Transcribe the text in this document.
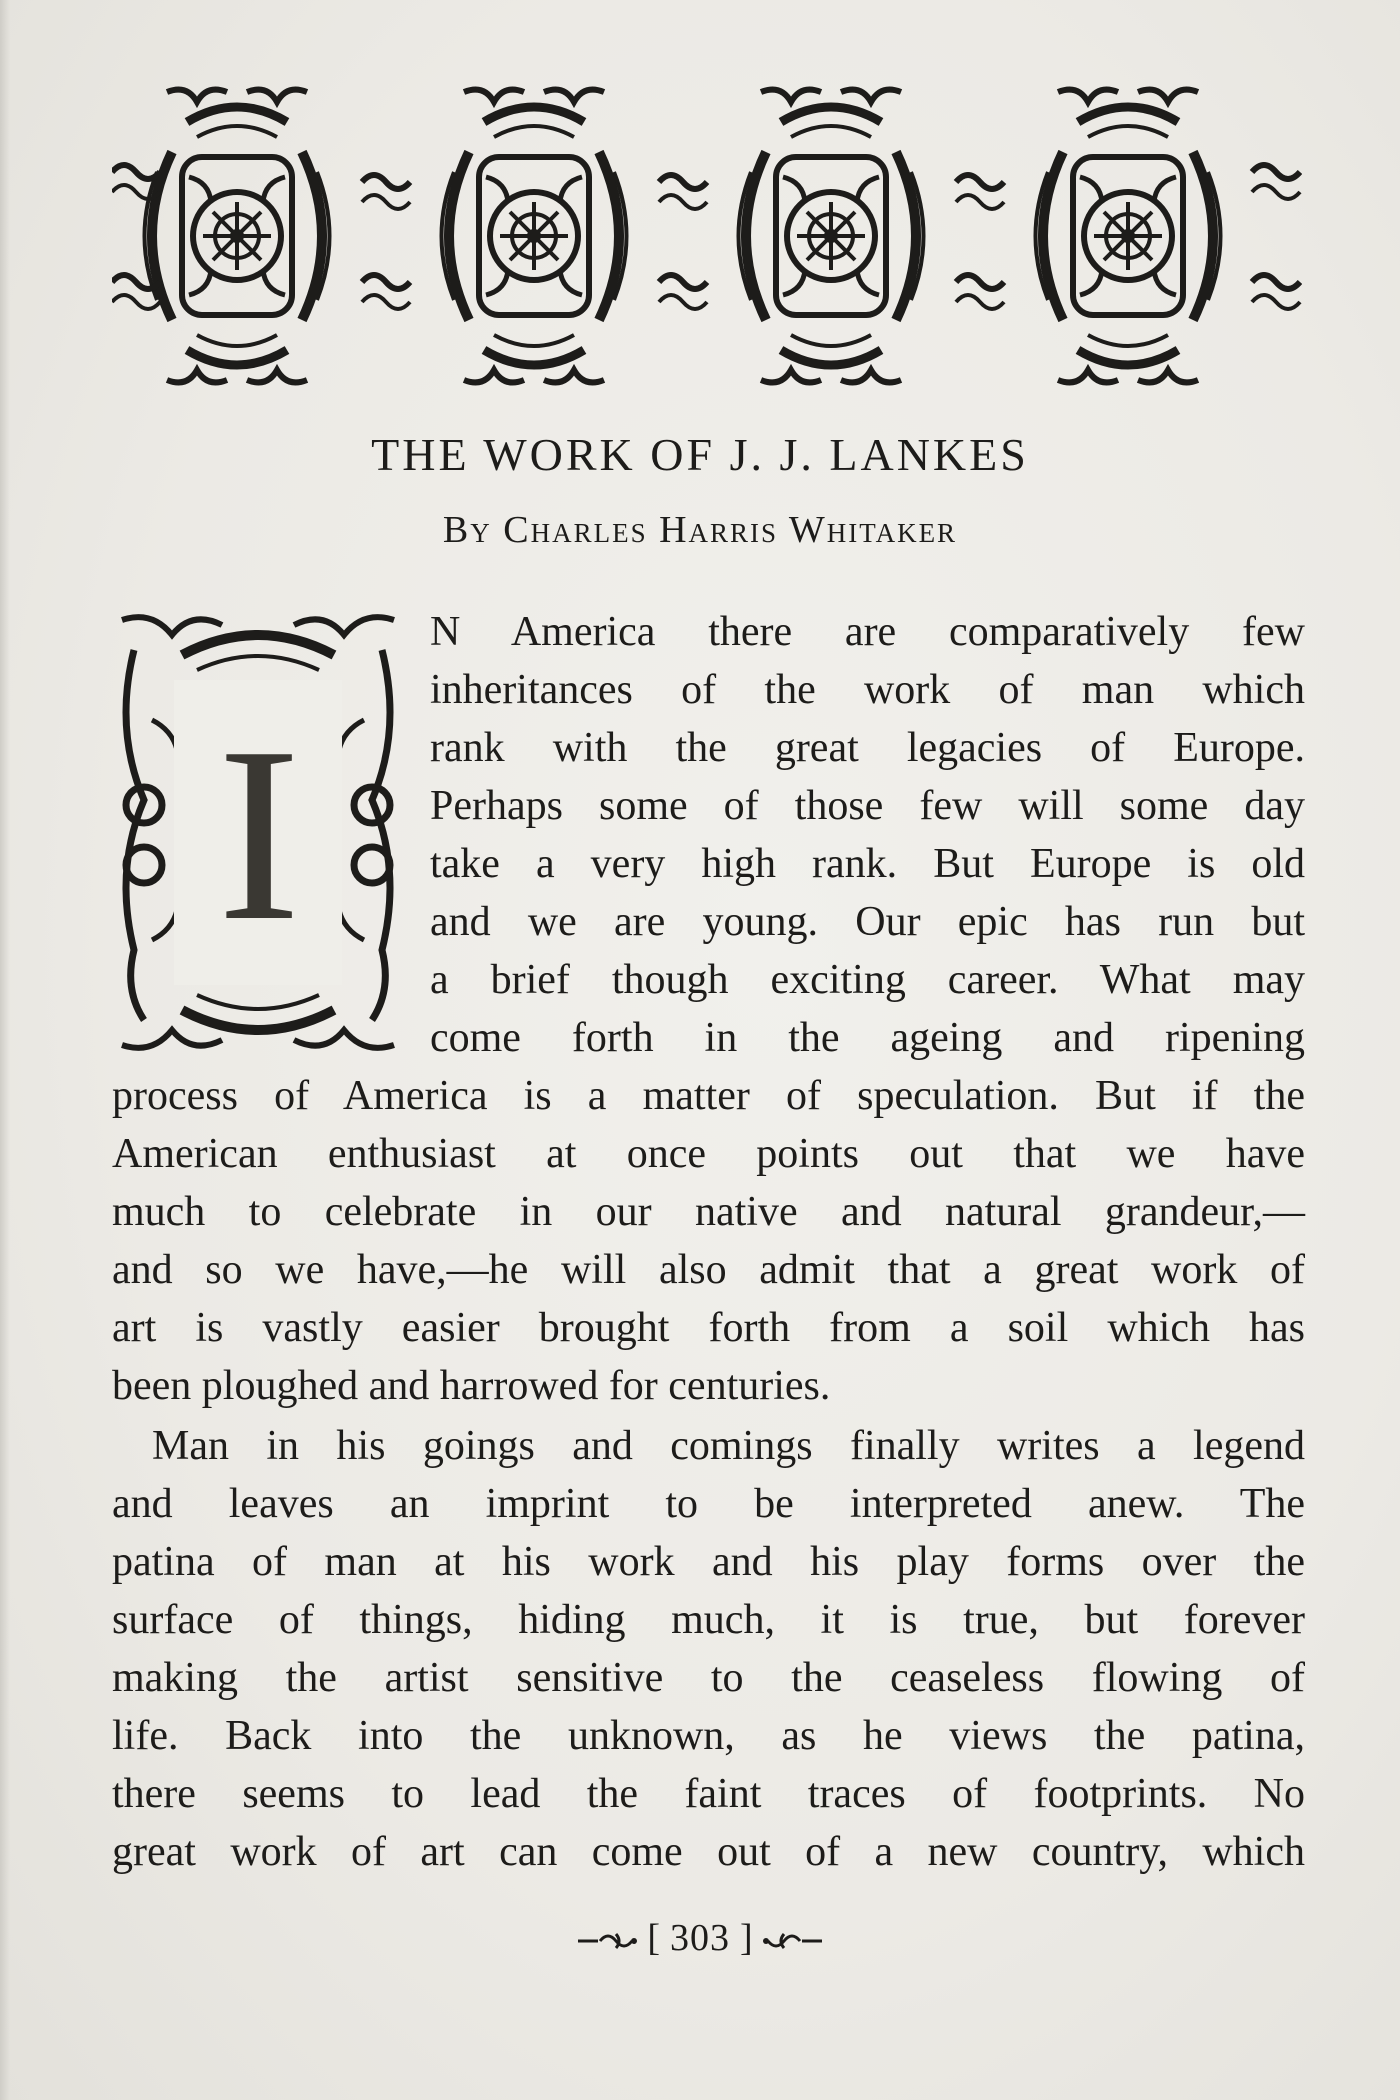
THE WORK OF J. J. LANKES
By Charles Harris Whitaker
I
N America there are comparatively few
inheritances of the work of man which
rank with the great legacies of Europe.
Perhaps some of those few will some day
take a very high rank. But Europe is old
and we are young. Our epic has run but
a brief though exciting career. What may
come forth in the ageing and ripening
process of America is a matter of speculation. But if the
American enthusiast at once points out that we have
much to celebrate in our native and natural grandeur,—
and so we have,—he will also admit that a great work of
art is vastly easier brought forth from a soil which has
been ploughed and harrowed for centuries.
Man in his goings and comings finally writes a legend
and leaves an imprint to be interpreted anew. The
patina of man at his work and his play forms over the
surface of things, hiding much, it is true, but forever
making the artist sensitive to the ceaseless flowing of
life. Back into the unknown, as he views the patina,
there seems to lead the faint traces of footprints. No
great work of art can come out of a new country, which
[ 303 ]
